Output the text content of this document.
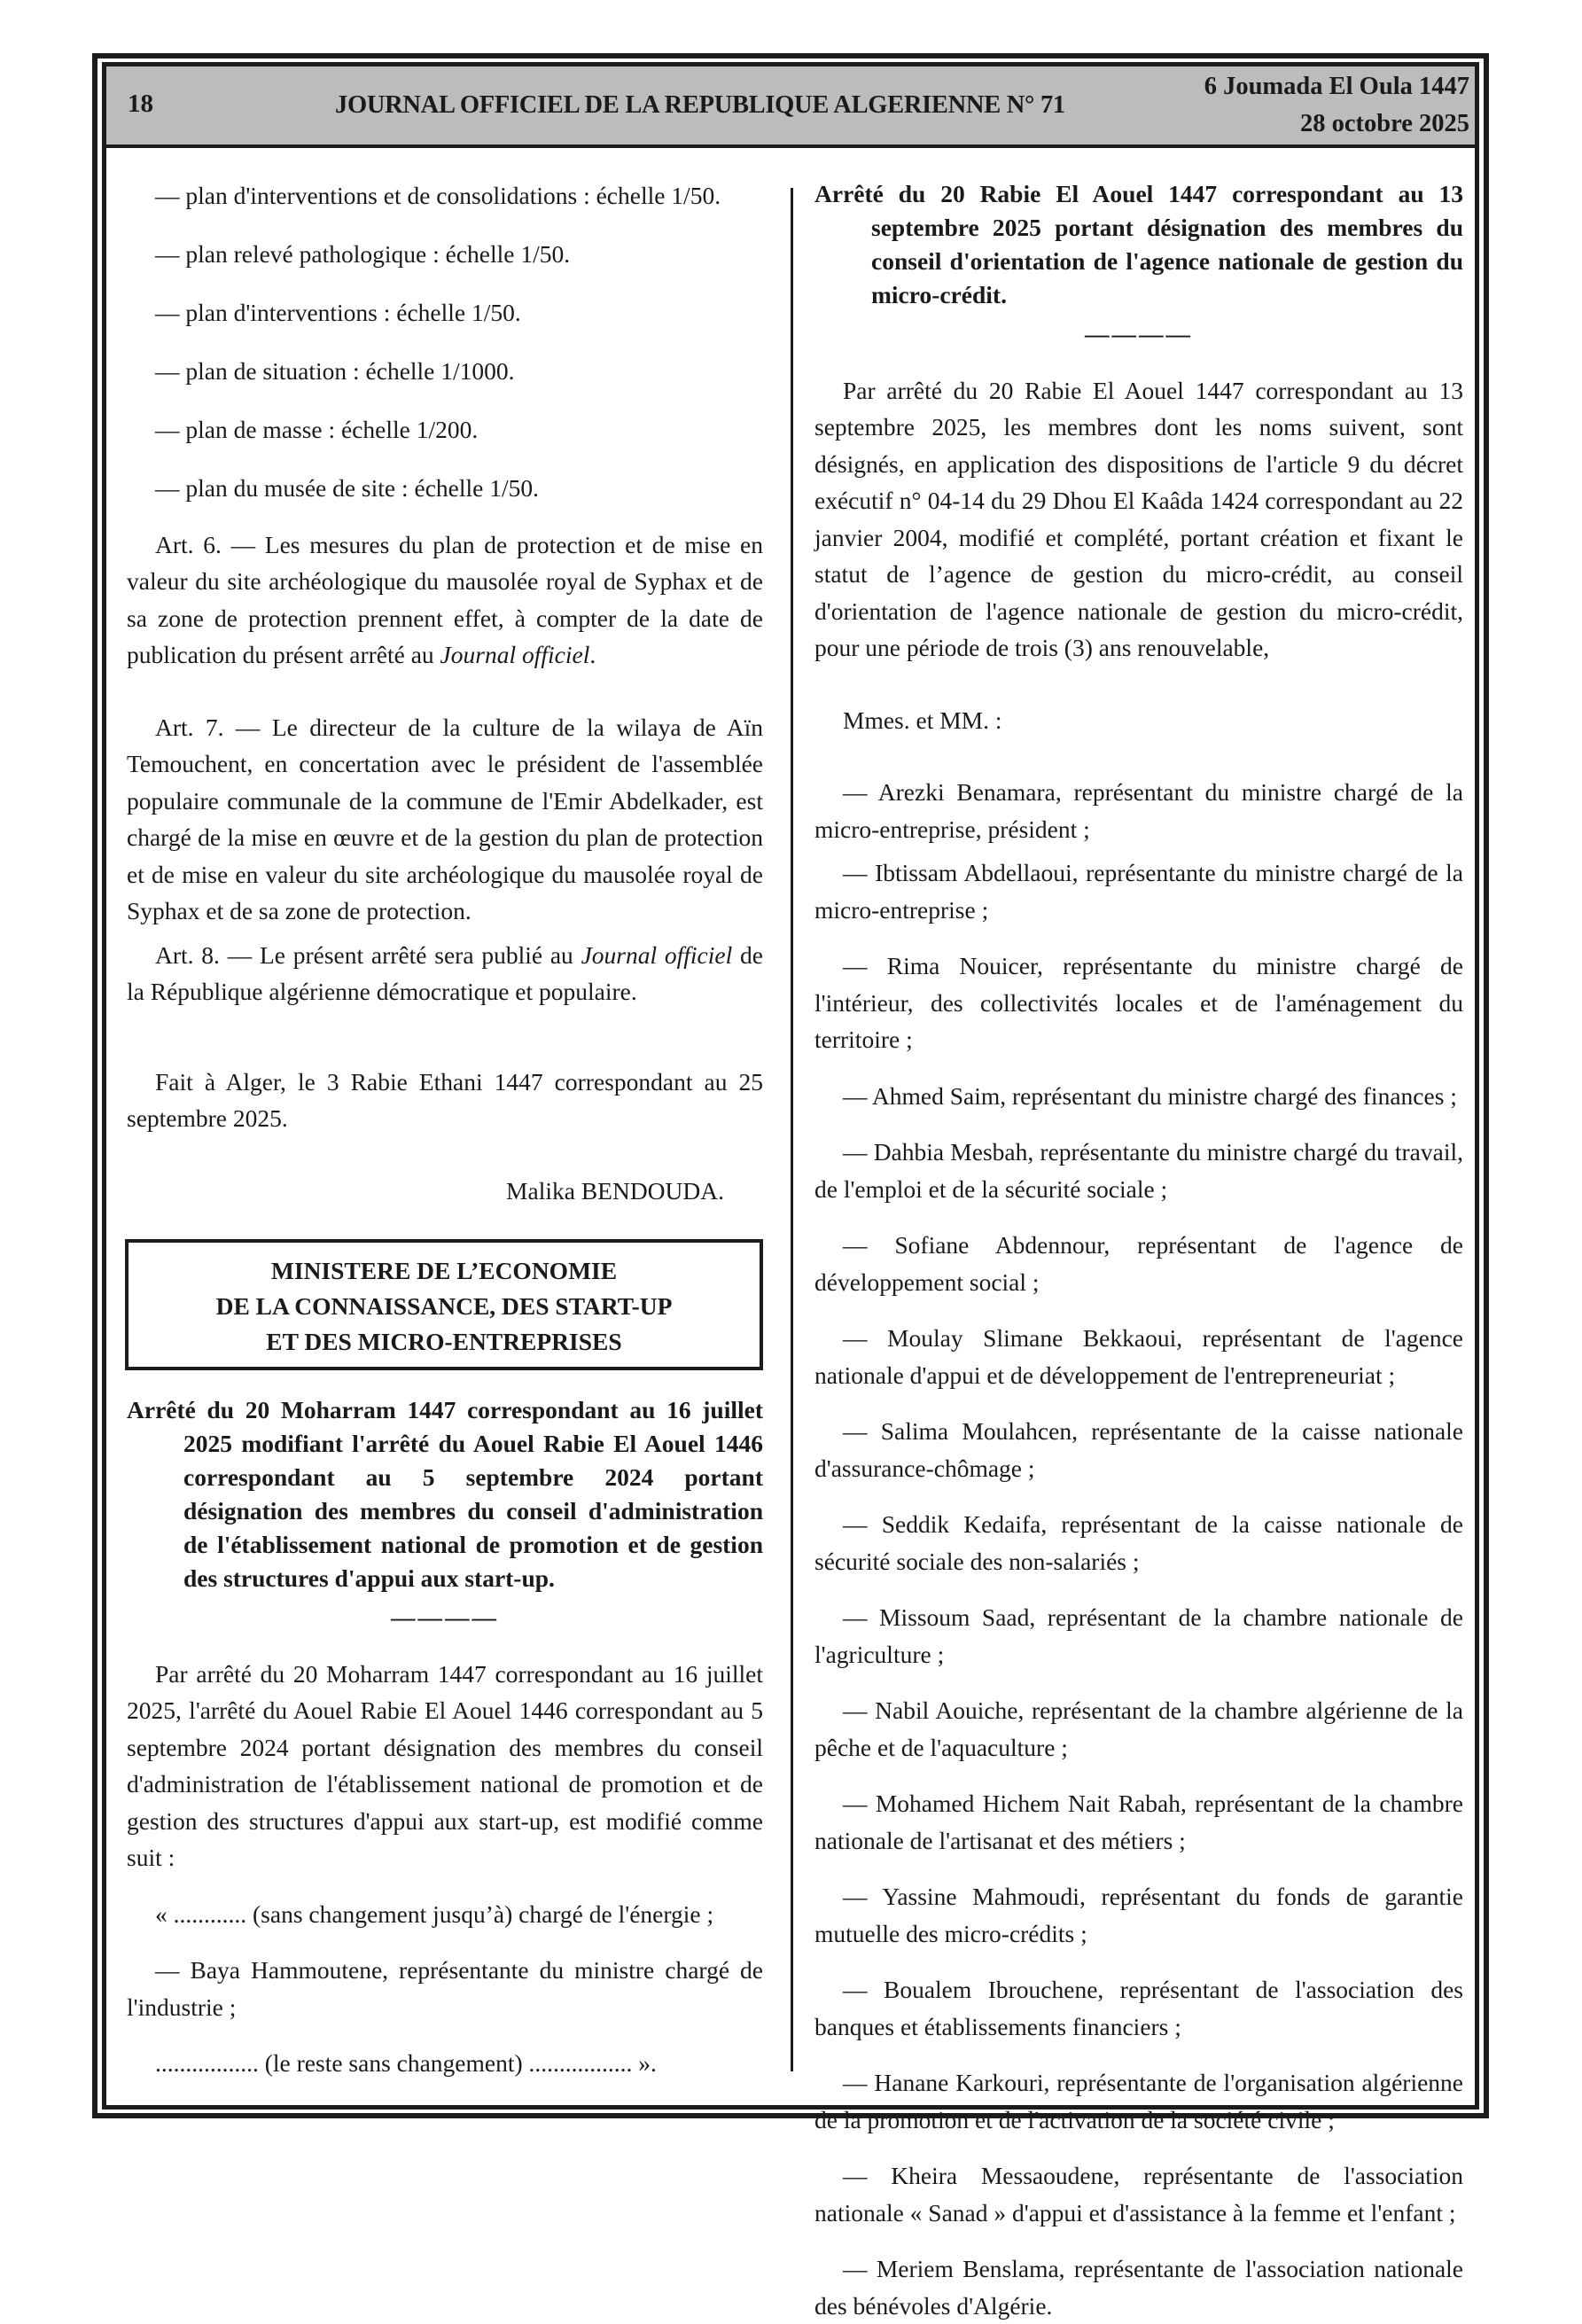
18	JOURNAL OFFICIEL DE LA REPUBLIQUE ALGERIENNE N° 71
6 Joumada El Oula 1447
28 octobre 2025

— plan d'interventions et de consolidations : échelle 1/50.

— plan relevé pathologique : échelle 1/50.

— plan d'interventions : échelle 1/50.

— plan de situation : échelle 1/1000.

— plan de masse : échelle 1/200.

— plan du musée de site : échelle 1/50.

Art. 6. — Les mesures du plan de protection et de mise en valeur du site archéologique du mausolée royal de Syphax et de sa zone de protection prennent effet, à compter de la date de publication du présent arrêté au Journal officiel.

Art. 7. — Le directeur de la culture de la wilaya de Aïn Temouchent, en concertation avec le président de l'assemblée populaire communale de la commune de l'Emir Abdelkader, est chargé de la mise en œuvre et de la gestion du plan de protection et de mise en valeur du site archéologique du mausolée royal de Syphax et de sa zone de protection.

Art. 8. — Le présent arrêté sera publié au Journal officiel de la République algérienne démocratique et populaire.

Fait à Alger, le 3 Rabie Ethani 1447 correspondant au 25 septembre 2025.

Malika BENDOUDA.

MINISTERE DE L’ECONOMIE
DE LA CONNAISSANCE, DES START-UP
ET DES MICRO-ENTREPRISES

Arrêté du 20 Moharram 1447 correspondant au 16 juillet 2025 modifiant l'arrêté du Aouel Rabie El Aouel 1446 correspondant au 5 septembre 2024 portant désignation des membres du conseil d'administration de l'établissement national de promotion et de gestion des structures d'appui aux start-up.

————

Par arrêté du 20 Moharram 1447 correspondant au 16 juillet 2025, l'arrêté du Aouel Rabie El Aouel 1446 correspondant au 5 septembre 2024 portant désignation des membres du conseil d'administration de l'établissement national de promotion et de gestion des structures d'appui aux start-up, est modifié comme suit :

« ............ (sans changement jusqu’à) chargé de l'énergie ;

— Baya Hammoutene, représentante du ministre chargé de l'industrie ;

................. (le reste sans changement) ................. ».

Arrêté du 20 Rabie El Aouel 1447 correspondant au 13 septembre 2025 portant désignation des membres du conseil d'orientation de l'agence nationale de gestion du micro-crédit.

————

Par arrêté du 20 Rabie El Aouel 1447 correspondant au 13 septembre 2025, les membres dont les noms suivent, sont désignés, en application des dispositions de l'article 9 du décret exécutif n° 04-14 du 29 Dhou El Kaâda 1424 correspondant au 22 janvier 2004, modifié et complété, portant création et fixant le statut de l’agence de gestion du micro-crédit, au conseil d'orientation de l'agence nationale de gestion du micro-crédit, pour une période de trois (3) ans renouvelable,

Mmes. et MM. :

— Arezki Benamara, représentant du ministre chargé de la micro-entreprise, président ;

— Ibtissam Abdellaoui, représentante du ministre chargé de la micro-entreprise ;

— Rima Nouicer, représentante du ministre chargé de l'intérieur, des collectivités locales et de l'aménagement du territoire ;

— Ahmed Saim, représentant du ministre chargé des finances ;

— Dahbia Mesbah, représentante du ministre chargé du travail, de l'emploi et de la sécurité sociale ;

— Sofiane Abdennour, représentant de l'agence de développement social ;

— Moulay Slimane Bekkaoui, représentant de l'agence nationale d'appui et de développement de l'entrepreneuriat ;

— Salima Moulahcen, représentante de la caisse nationale d'assurance-chômage ;

— Seddik Kedaifa, représentant de la caisse nationale de sécurité sociale des non-salariés ;

— Missoum Saad, représentant de la chambre nationale de l'agriculture ;

— Nabil Aouiche, représentant de la chambre algérienne de la pêche et de l'aquaculture ;

— Mohamed Hichem Nait Rabah, représentant de la chambre nationale de l'artisanat et des métiers ;

— Yassine Mahmoudi, représentant du fonds de garantie mutuelle des micro-crédits ;

— Boualem Ibrouchene, représentant de l'association des banques et établissements financiers ;

— Hanane Karkouri, représentante de l'organisation algérienne de la promotion et de l'activation de la société civile ;

— Kheira Messaoudene, représentante de l'association nationale « Sanad » d'appui et d'assistance à la femme et l'enfant ;

— Meriem Benslama, représentante de l'association nationale des bénévoles d'Algérie.
